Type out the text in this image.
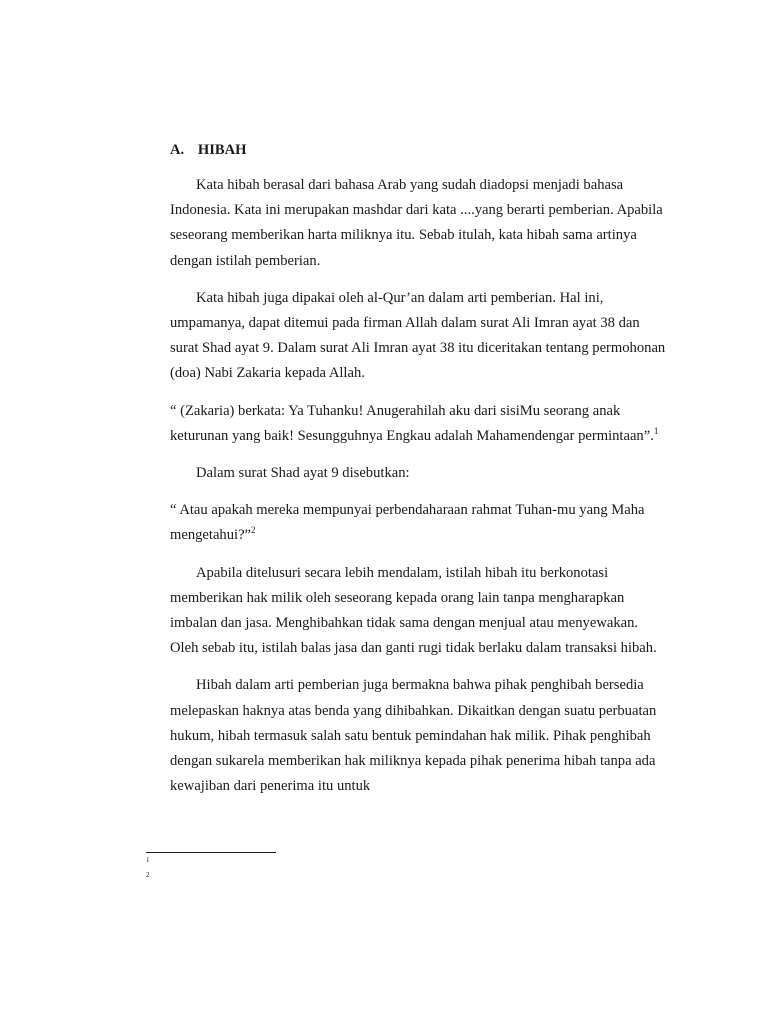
A. HIBAH

Kata hibah berasal dari bahasa Arab yang sudah diadopsi menjadi bahasa Indonesia. Kata ini merupakan mashdar dari kata ....yang berarti pemberian. Apabila seseorang memberikan harta miliknya itu. Sebab itulah, kata hibah sama artinya dengan istilah pemberian.

Kata hibah juga dipakai oleh al-Qur’an dalam arti pemberian. Hal ini, umpamanya, dapat ditemui pada firman Allah dalam surat Ali Imran ayat 38 dan surat Shad ayat 9. Dalam surat Ali Imran ayat 38 itu diceritakan tentang permohonan (doa) Nabi Zakaria kepada Allah.

“ (Zakaria) berkata: Ya Tuhanku! Anugerahilah aku dari sisiMu seorang anak keturunan yang baik! Sesungguhnya Engkau adalah Mahamendengar permintaan”.$^1$

Dalam surat Shad ayat 9 disebutkan:

“ Atau apakah mereka mempunyai perbendaharaan rahmat Tuhan-mu yang Maha mengetahui?”$^2$

Apabila ditelusuri secara lebih mendalam, istilah hibah itu berkonotasi memberikan hak milik oleh seseorang kepada orang lain tanpa mengharapkan imbalan dan jasa. Menghibahkan tidak sama dengan menjual atau menyewakan. Oleh sebab itu, istilah balas jasa dan ganti rugi tidak berlaku dalam transaksi hibah.

Hibah dalam arti pemberian juga bermakna bahwa pihak penghibah bersedia melepaskan haknya atas benda yang dihibahkan. Dikaitkan dengan suatu perbuatan hukum, hibah termasuk salah satu bentuk pemindahan hak milik. Pihak penghibah dengan sukarela memberikan hak miliknya kepada pihak penerima hibah tanpa ada kewajiban dari penerima itu untuk

1
2
